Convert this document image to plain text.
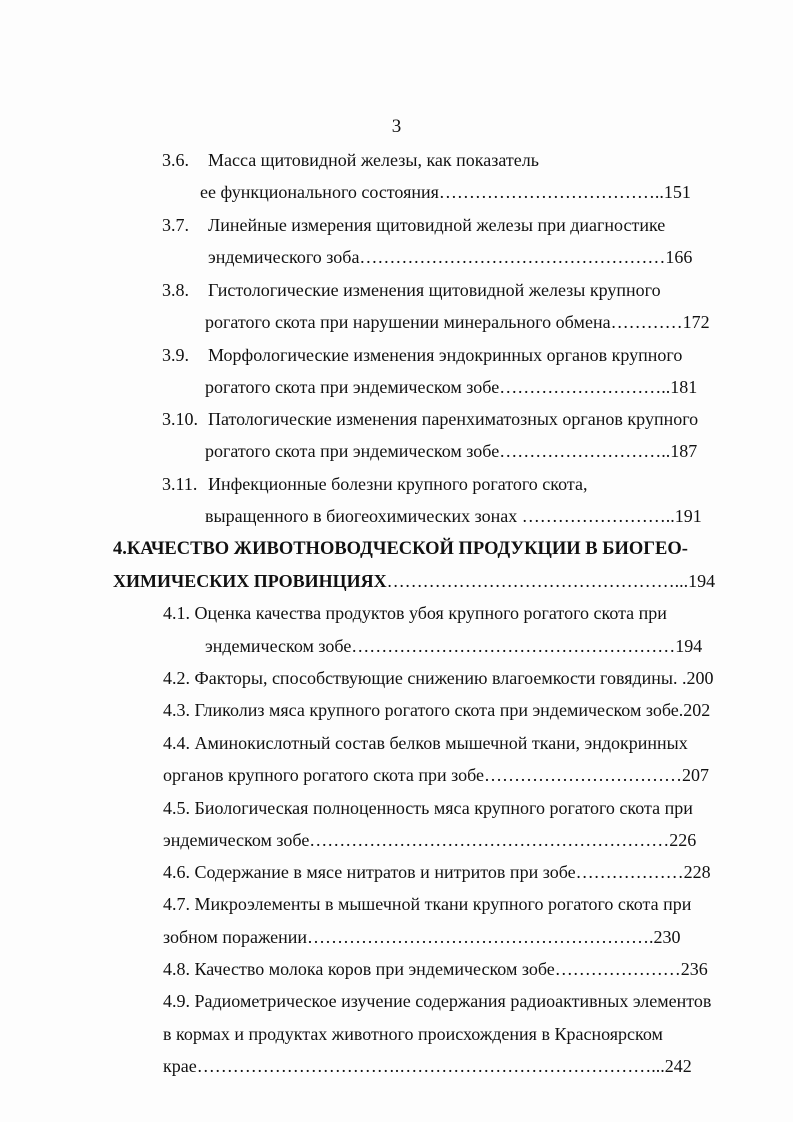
3
3.6. Масса щитовидной железы, как показатель
ее функционального состояния………………………………..151
3.7. Линейные измерения щитовидной железы при диагностике
эндемического зоба……………………………………………166
3.8. Гистологические изменения щитовидной железы крупного
рогатого скота при нарушении минерального обмена…………172
3.9. Морфологические изменения эндокринных органов крупного
рогатого скота при эндемическом зобе………………………..181
3.10. Патологические изменения паренхиматозных органов крупного
рогатого скота при эндемическом зобе………………………..187
3.11. Инфекционные болезни крупного рогатого скота,
выращенного в биогеохимических зонах ……………………..191
4.КАЧЕСТВО ЖИВОТНОВОДЧЕСКОЙ ПРОДУКЦИИ В БИОГЕО-
ХИМИЧЕСКИХ ПРОВИНЦИЯХ…………………………………………...194
4.1. Оценка качества продуктов убоя крупного рогатого скота при
эндемическом зобе………………………………………………194
4.2. Факторы, способствующие снижению влагоемкости говядины. .200
4.3. Гликолиз мяса крупного рогатого скота при эндемическом зобе.202
4.4. Аминокислотный состав белков мышечной ткани, эндокринных
органов крупного рогатого скота при зобе……………………………207
4.5. Биологическая полноценность мяса крупного рогатого скота при
эндемическом зобе……………………………………………………226
4.6. Содержание в мясе нитратов и нитритов при зобе………………228
4.7. Микроэлементы в мышечной ткани крупного рогатого скота при
зобном поражении………………………………………………….230
4.8. Качество молока коров при эндемическом зобе…………………236
4.9. Радиометрическое изучение содержания радиоактивных элементов
в кормах и продуктах животного происхождения в Красноярском
крае…………………………….……………………………………...242
